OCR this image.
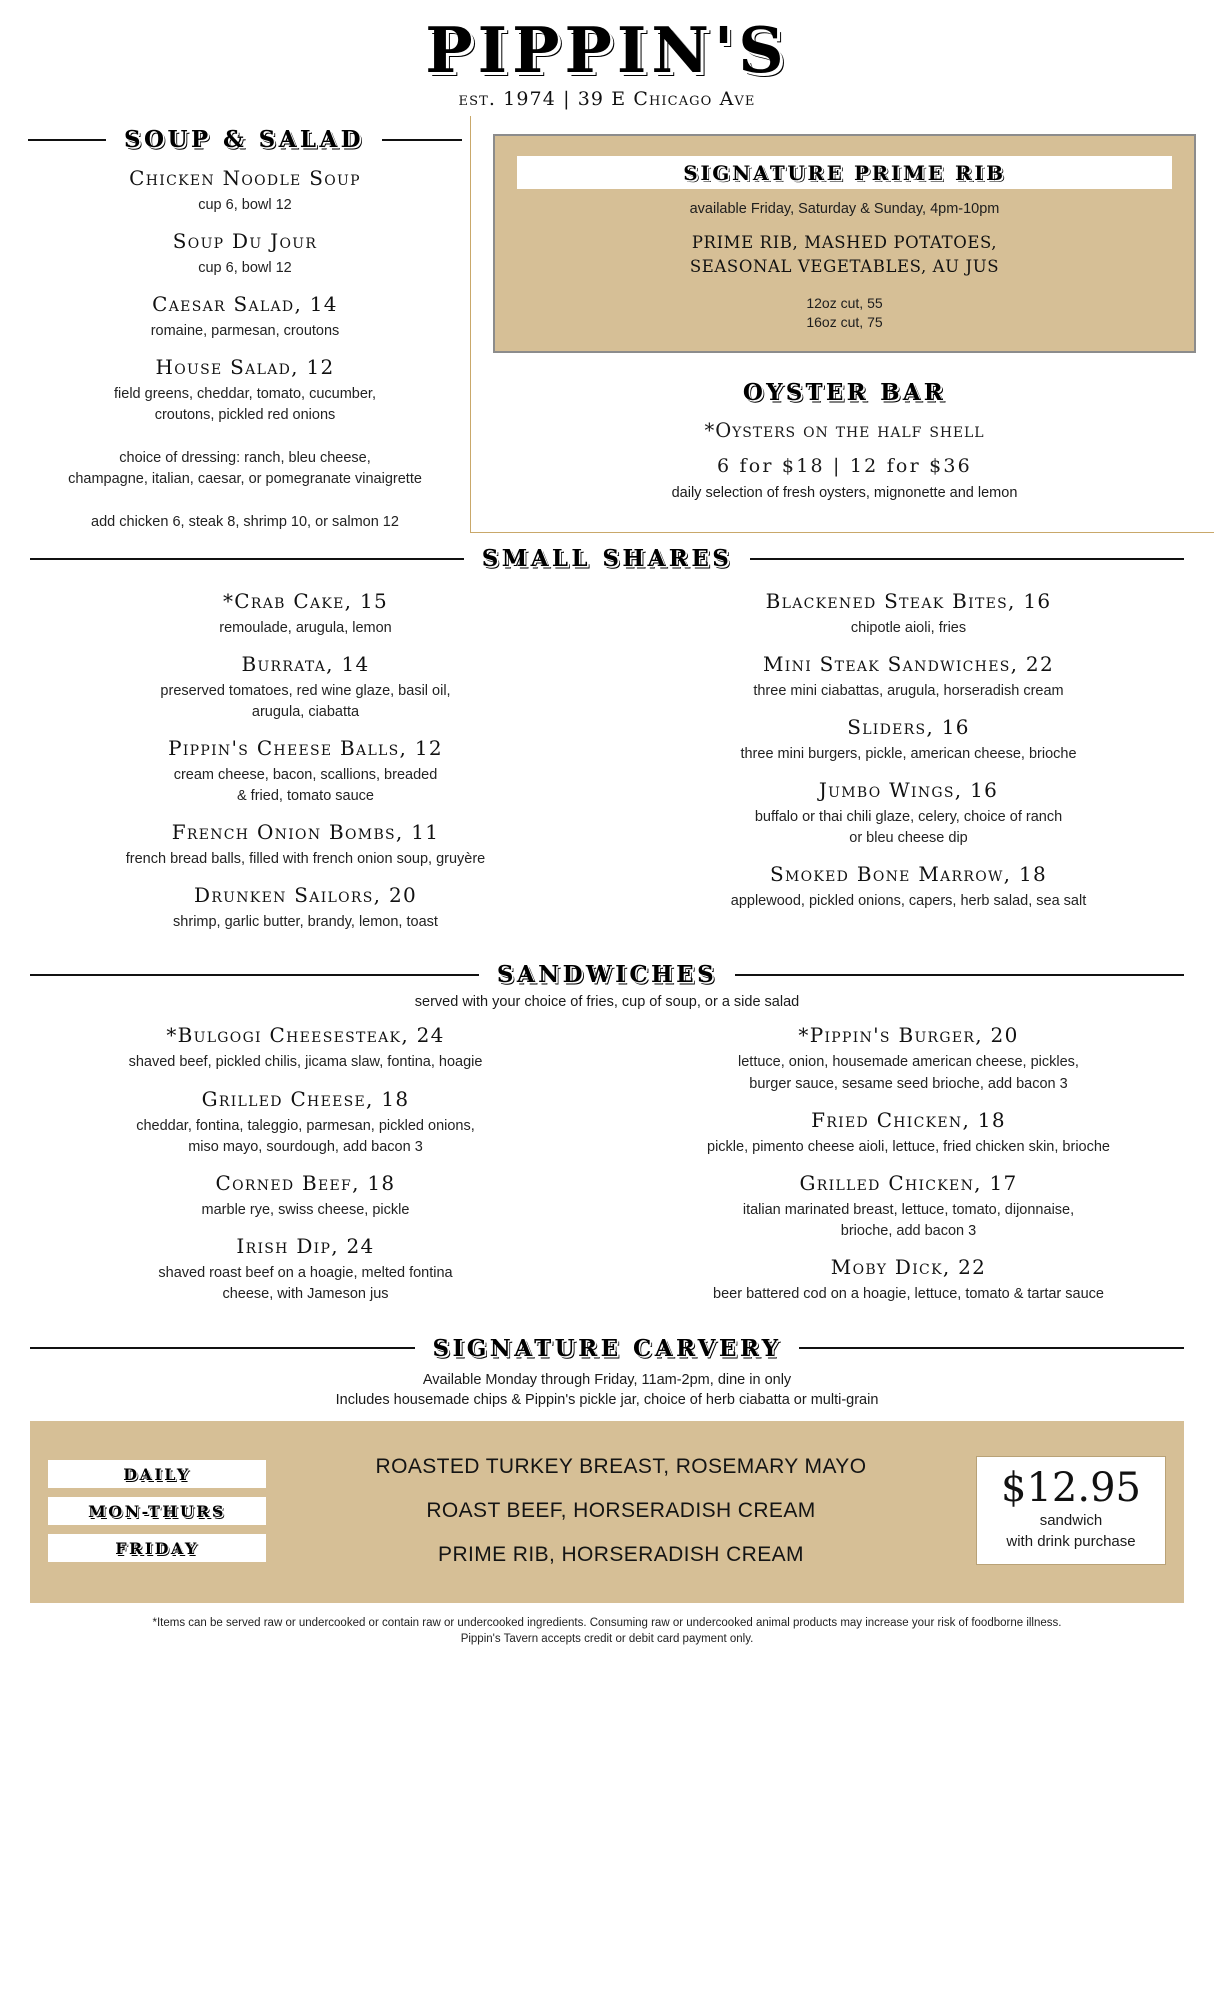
PIPPIN'S
est. 1974 | 39 E Chicago Ave
SOUP & SALAD
Chicken Noodle Soup
cup 6, bowl 12
Soup Du Jour
cup 6, bowl 12
Caesar Salad, 14
romaine, parmesan, croutons
House Salad, 12
field greens, cheddar, tomato, cucumber,
croutons, pickled red onions
choice of dressing: ranch, bleu cheese,
champagne, italian, caesar, or pomegranate vinaigrette
add chicken 6, steak 8, shrimp 10, or salmon 12
SIGNATURE PRIME RIB
available Friday, Saturday & Sunday, 4pm-10pm
PRIME RIB, MASHED POTATOES,
SEASONAL VEGETABLES, AU JUS
12oz cut, 55
16oz cut, 75
OYSTER BAR
*Oysters on the half shell
6 for $18 | 12 for $36
daily selection of fresh oysters, mignonette and lemon
SMALL SHARES
*Crab Cake, 15
remoulade, arugula, lemon
Burrata, 14
preserved tomatoes, red wine glaze, basil oil,
arugula, ciabatta
Pippin's Cheese Balls, 12
cream cheese, bacon, scallions, breaded
& fried, tomato sauce
French Onion Bombs, 11
french bread balls, filled with french onion soup, gruyère
Drunken Sailors, 20
shrimp, garlic butter, brandy, lemon, toast
Blackened Steak Bites, 16
chipotle aioli, fries
Mini Steak Sandwiches, 22
three mini ciabattas, arugula, horseradish cream
Sliders, 16
three mini burgers, pickle, american cheese, brioche
Jumbo Wings, 16
buffalo or thai chili glaze, celery, choice of ranch
or bleu cheese dip
Smoked Bone Marrow, 18
applewood, pickled onions, capers, herb salad, sea salt
SANDWICHES
served with your choice of fries, cup of soup, or a side salad
*Bulgogi Cheesesteak, 24
shaved beef, pickled chilis, jicama slaw, fontina, hoagie
Grilled Cheese, 18
cheddar, fontina, taleggio, parmesan, pickled onions,
miso mayo, sourdough, add bacon 3
Corned Beef, 18
marble rye, swiss cheese, pickle
Irish Dip, 24
shaved roast beef on a hoagie, melted fontina
cheese, with Jameson jus
*Pippin's Burger, 20
lettuce, onion, housemade american cheese, pickles,
burger sauce, sesame seed brioche, add bacon 3
Fried Chicken, 18
pickle, pimento cheese aioli, lettuce, fried chicken skin, brioche
Grilled Chicken, 17
italian marinated breast, lettuce, tomato, dijonnaise,
brioche, add bacon 3
Moby Dick, 22
beer battered cod on a hoagie, lettuce, tomato & tartar sauce
SIGNATURE CARVERY
Available Monday through Friday, 11am-2pm, dine in only
Includes housemade chips & Pippin's pickle jar, choice of herb ciabatta or multi-grain
DAILY
MON-THURS
FRIDAY
ROASTED TURKEY BREAST, ROSEMARY MAYO
ROAST BEEF, HORSERADISH CREAM
PRIME RIB, HORSERADISH CREAM
$12.95
sandwich
with drink purchase
*Items can be served raw or undercooked or contain raw or undercooked ingredients. Consuming raw or undercooked animal products may increase your risk of foodborne illness.
Pippin's Tavern accepts credit or debit card payment only.
